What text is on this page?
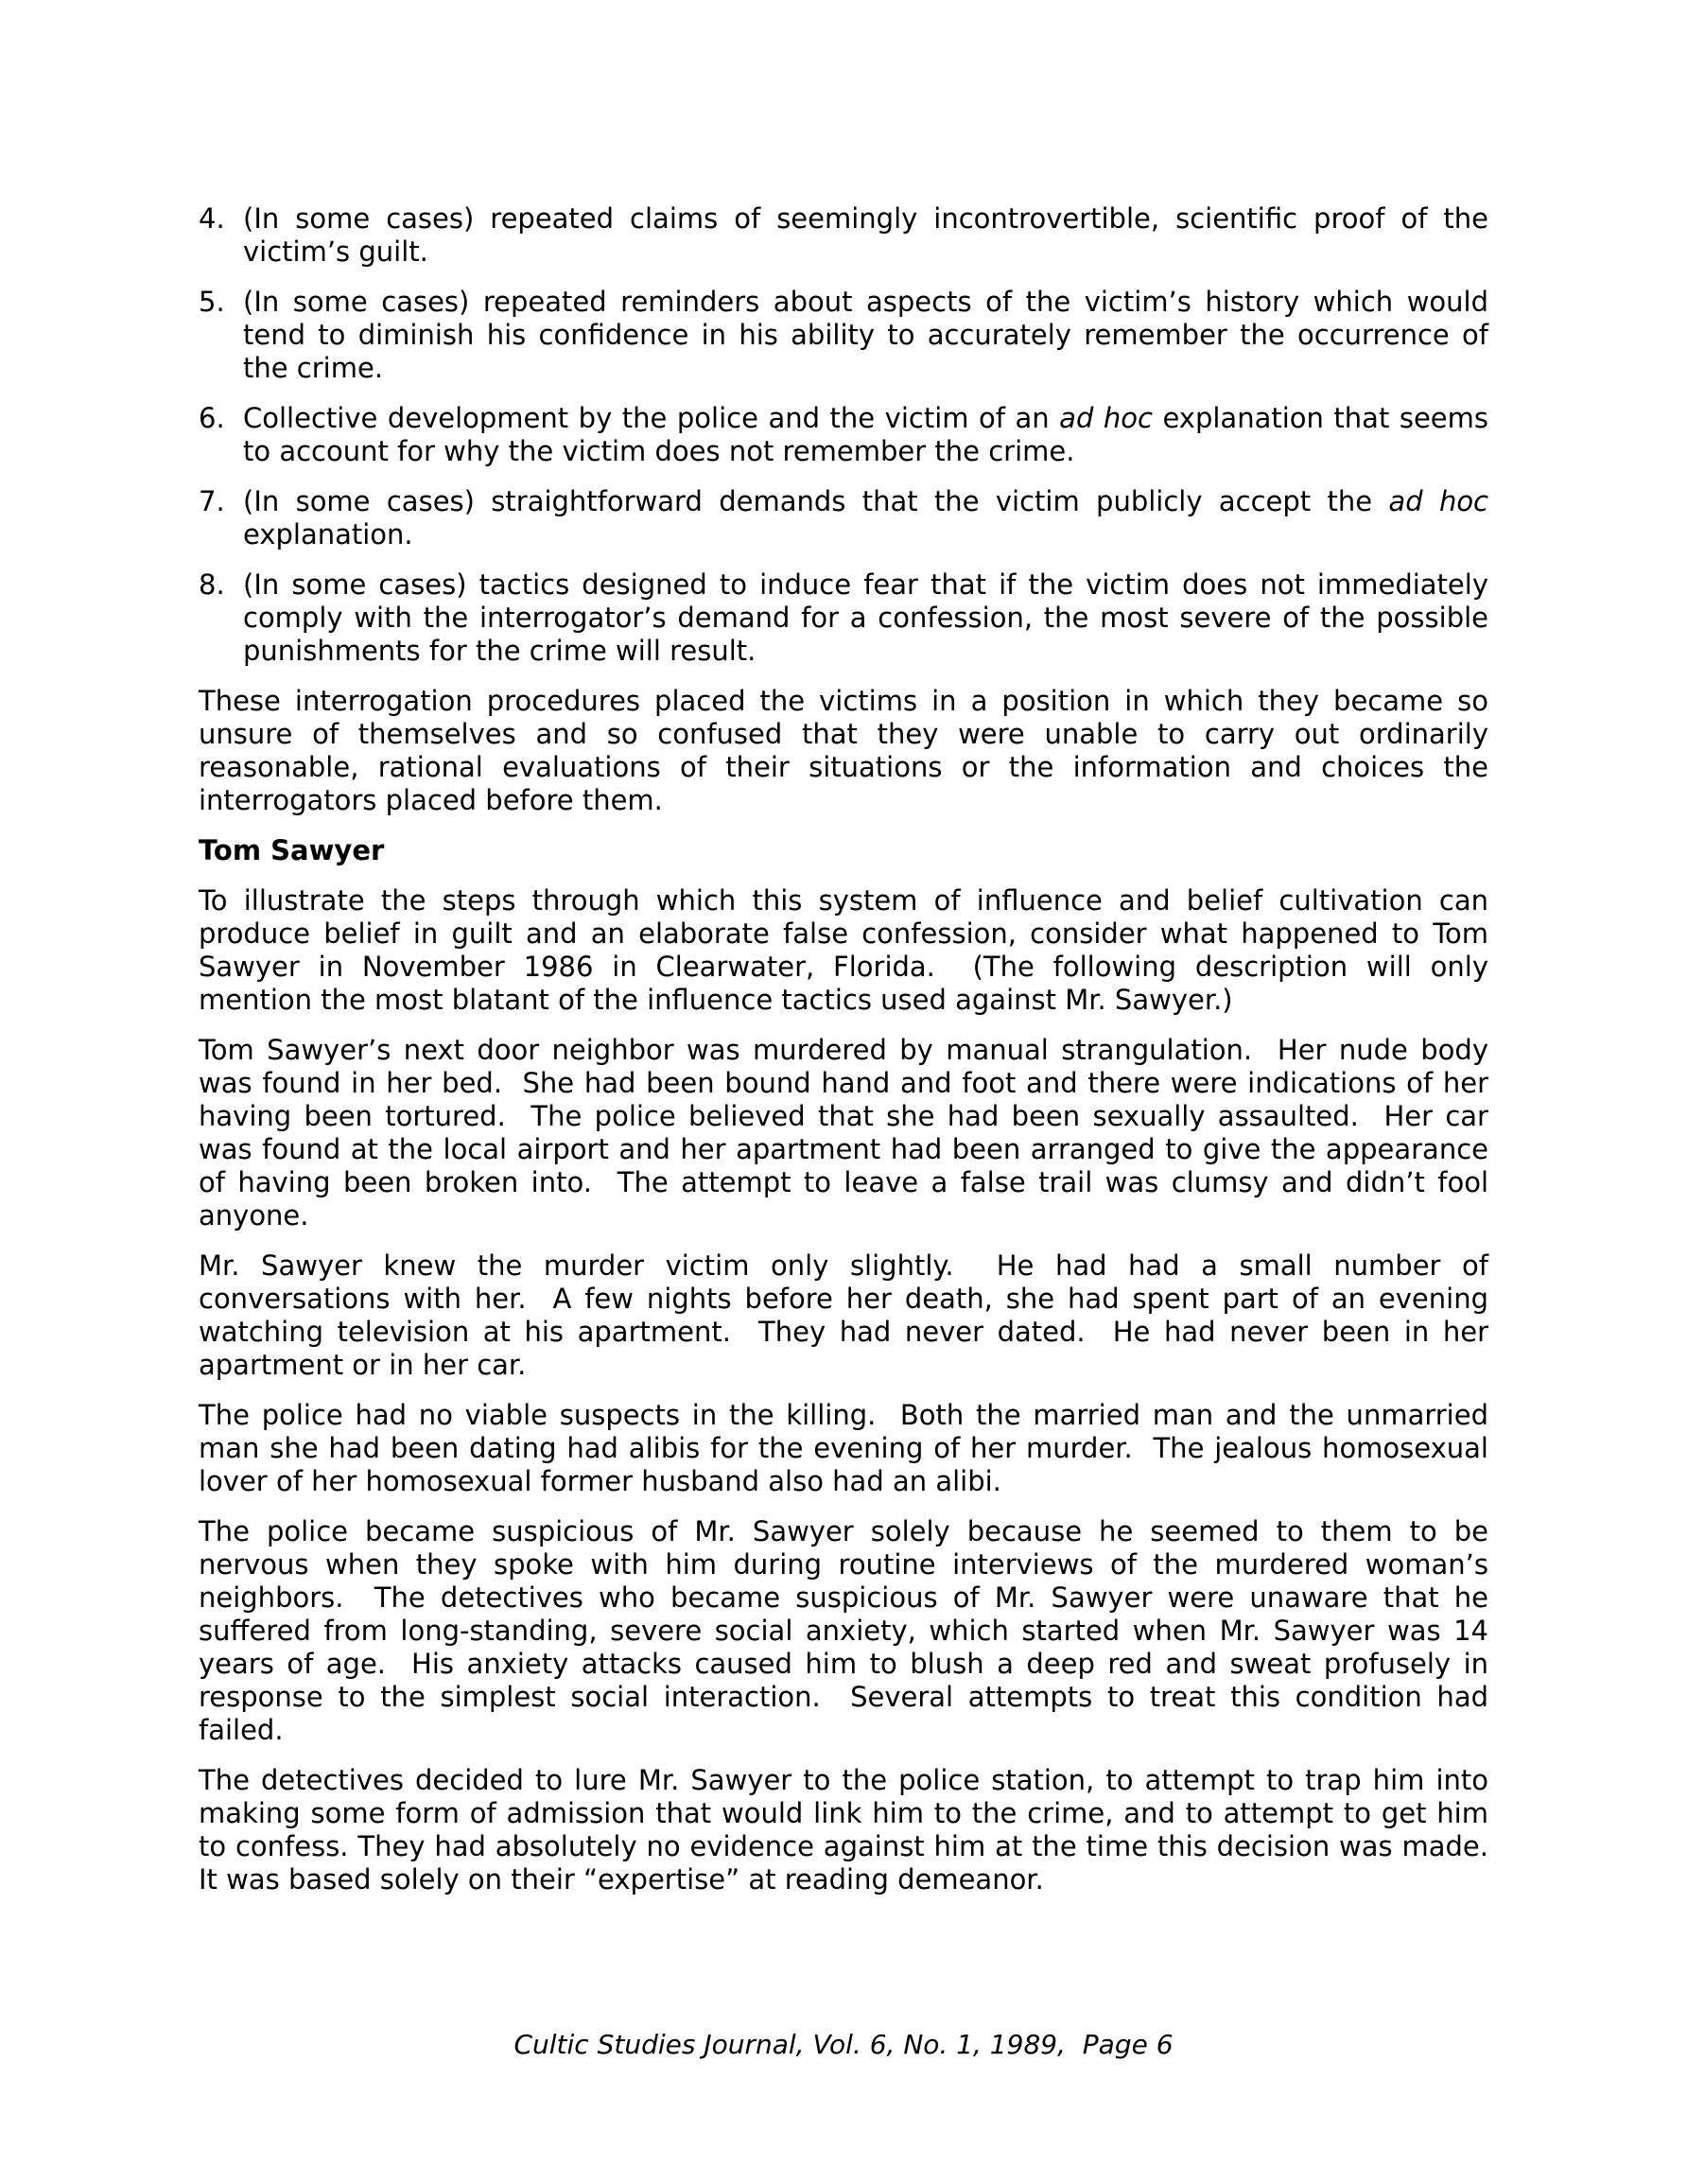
4. (In some cases) repeated claims of seemingly incontrovertible, scientific proof of the victim’s guilt.
5. (In some cases) repeated reminders about aspects of the victim’s history which would tend to diminish his confidence in his ability to accurately remember the occurrence of the crime.
6. Collective development by the police and the victim of an ad hoc explanation that seems to account for why the victim does not remember the crime.
7. (In some cases) straightforward demands that the victim publicly accept the ad hoc explanation.
8. (In some cases) tactics designed to induce fear that if the victim does not immediately comply with the interrogator’s demand for a confession, the most severe of the possible punishments for the crime will result.

These interrogation procedures placed the victims in a position in which they became so unsure of themselves and so confused that they were unable to carry out ordinarily reasonable, rational evaluations of their situations or the information and choices the interrogators placed before them.

Tom Sawyer

To illustrate the steps through which this system of influence and belief cultivation can produce belief in guilt and an elaborate false confession, consider what happened to Tom Sawyer in November 1986 in Clearwater, Florida.  (The following description will only mention the most blatant of the influence tactics used against Mr. Sawyer.)

Tom Sawyer’s next door neighbor was murdered by manual strangulation.  Her nude body was found in her bed.  She had been bound hand and foot and there were indications of her having been tortured.  The police believed that she had been sexually assaulted.  Her car was found at the local airport and her apartment had been arranged to give the appearance of having been broken into.  The attempt to leave a false trail was clumsy and didn’t fool anyone.

Mr. Sawyer knew the murder victim only slightly.  He had had a small number of conversations with her.  A few nights before her death, she had spent part of an evening watching television at his apartment.  They had never dated.  He had never been in her apartment or in her car.

The police had no viable suspects in the killing.  Both the married man and the unmarried man she had been dating had alibis for the evening of her murder.  The jealous homosexual lover of her homosexual former husband also had an alibi.

The police became suspicious of Mr. Sawyer solely because he seemed to them to be nervous when they spoke with him during routine interviews of the murdered woman’s neighbors.  The detectives who became suspicious of Mr. Sawyer were unaware that he suffered from long-standing, severe social anxiety, which started when Mr. Sawyer was 14 years of age.  His anxiety attacks caused him to blush a deep red and sweat profusely in response to the simplest social interaction.  Several attempts to treat this condition had failed.

The detectives decided to lure Mr. Sawyer to the police station, to attempt to trap him into making some form of admission that would link him to the crime, and to attempt to get him to confess. They had absolutely no evidence against him at the time this decision was made. It was based solely on their “expertise” at reading demeanor.

Cultic Studies Journal, Vol. 6, No. 1, 1989,  Page 6
